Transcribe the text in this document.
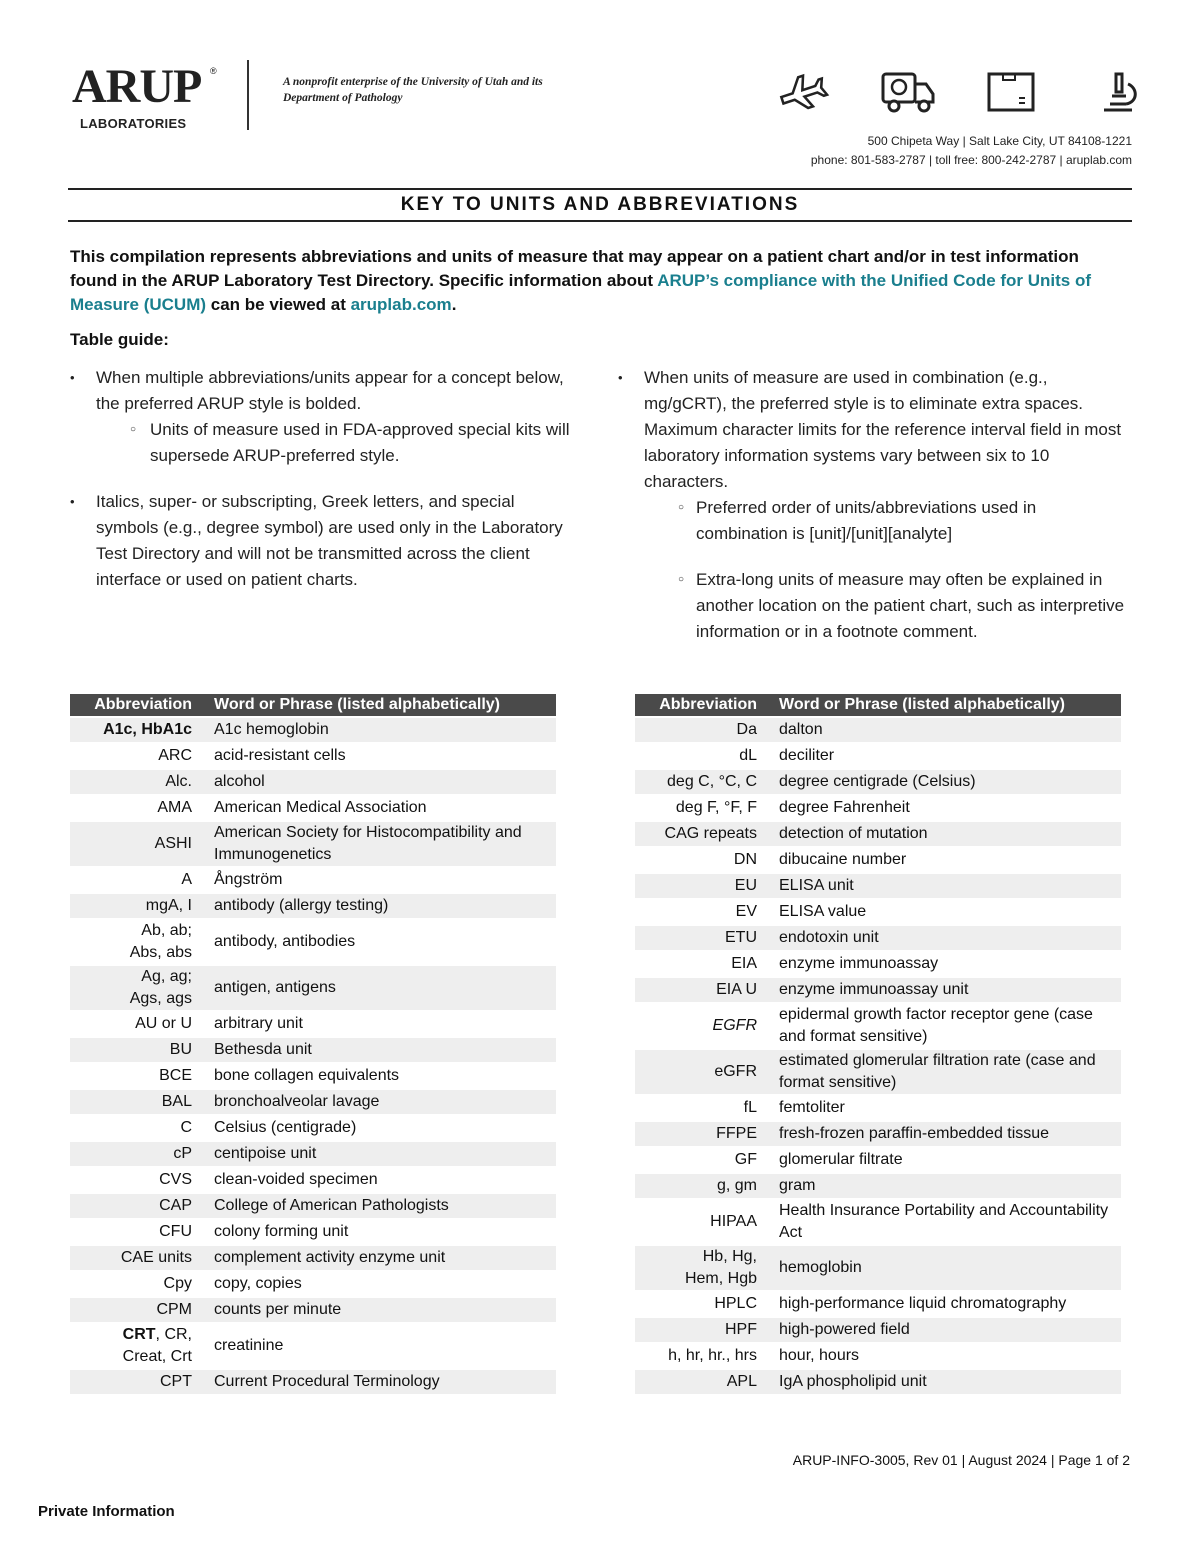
ARUP ®
LABORATORIES
A nonprofit enterprise of the University of Utah and its Department of Pathology
500 Chipeta Way | Salt Lake City, UT 84108-1221
phone: 801-583-2787 | toll free: 800-242-2787 | aruplab.com
KEY TO UNITS AND ABBREVIATIONS
This compilation represents abbreviations and units of measure that may appear on a patient chart and/or in test information found in the ARUP Laboratory Test Directory. Specific information about ARUP’s compliance with the Unified Code for Units of Measure (UCUM) can be viewed at aruplab.com.
Table guide:
• When multiple abbreviations/units appear for a concept below, the preferred ARUP style is bolded.
○ Units of measure used in FDA-approved special kits will supersede ARUP-preferred style.
• Italics, super- or subscripting, Greek letters, and special symbols (e.g., degree symbol) are used only in the Laboratory Test Directory and will not be transmitted across the client interface or used on patient charts.
• When units of measure are used in combination (e.g., mg/gCRT), the preferred style is to eliminate extra spaces. Maximum character limits for the reference interval field in most laboratory information systems vary between six to 10 characters.
○ Preferred order of units/abbreviations used in combination is [unit]/[unit][analyte]
○ Extra-long units of measure may often be explained in another location on the patient chart, such as interpretive information or in a footnote comment.
Abbreviation	Word or Phrase (listed alphabetically)
A1c, HbA1c	A1c hemoglobin
ARC	acid-resistant cells
Alc.	alcohol
AMA	American Medical Association
ASHI	American Society for Histocompatibility and Immunogenetics
A	Ångström
mgA, I	antibody (allergy testing)
Ab, ab; Abs, abs	antibody, antibodies
Ag, ag; Ags, ags	antigen, antigens
AU or U	arbitrary unit
BU	Bethesda unit
BCE	bone collagen equivalents
BAL	bronchoalveolar lavage
C	Celsius (centigrade)
cP	centipoise unit
CVS	clean-voided specimen
CAP	College of American Pathologists
CFU	colony forming unit
CAE units	complement activity enzyme unit
Cpy	copy, copies
CPM	counts per minute
CRT, CR, Creat, Crt	creatinine
CPT	Current Procedural Terminology
Abbreviation	Word or Phrase (listed alphabetically)
Da	dalton
dL	deciliter
deg C, °C, C	degree centigrade (Celsius)
deg F, °F, F	degree Fahrenheit
CAG repeats	detection of mutation
DN	dibucaine number
EU	ELISA unit
EV	ELISA value
ETU	endotoxin unit
EIA	enzyme immunoassay
EIA U	enzyme immunoassay unit
EGFR	epidermal growth factor receptor gene (case and format sensitive)
eGFR	estimated glomerular filtration rate (case and format sensitive)
fL	femtoliter
FFPE	fresh-frozen paraffin-embedded tissue
GF	glomerular filtrate
g, gm	gram
HIPAA	Health Insurance Portability and Accountability Act
Hb, Hg, Hem, Hgb	hemoglobin
HPLC	high-performance liquid chromatography
HPF	high-powered field
h, hr, hr., hrs	hour, hours
APL	IgA phospholipid unit
ARUP-INFO-3005, Rev 01 | August 2024 | Page 1 of 2
Private Information
